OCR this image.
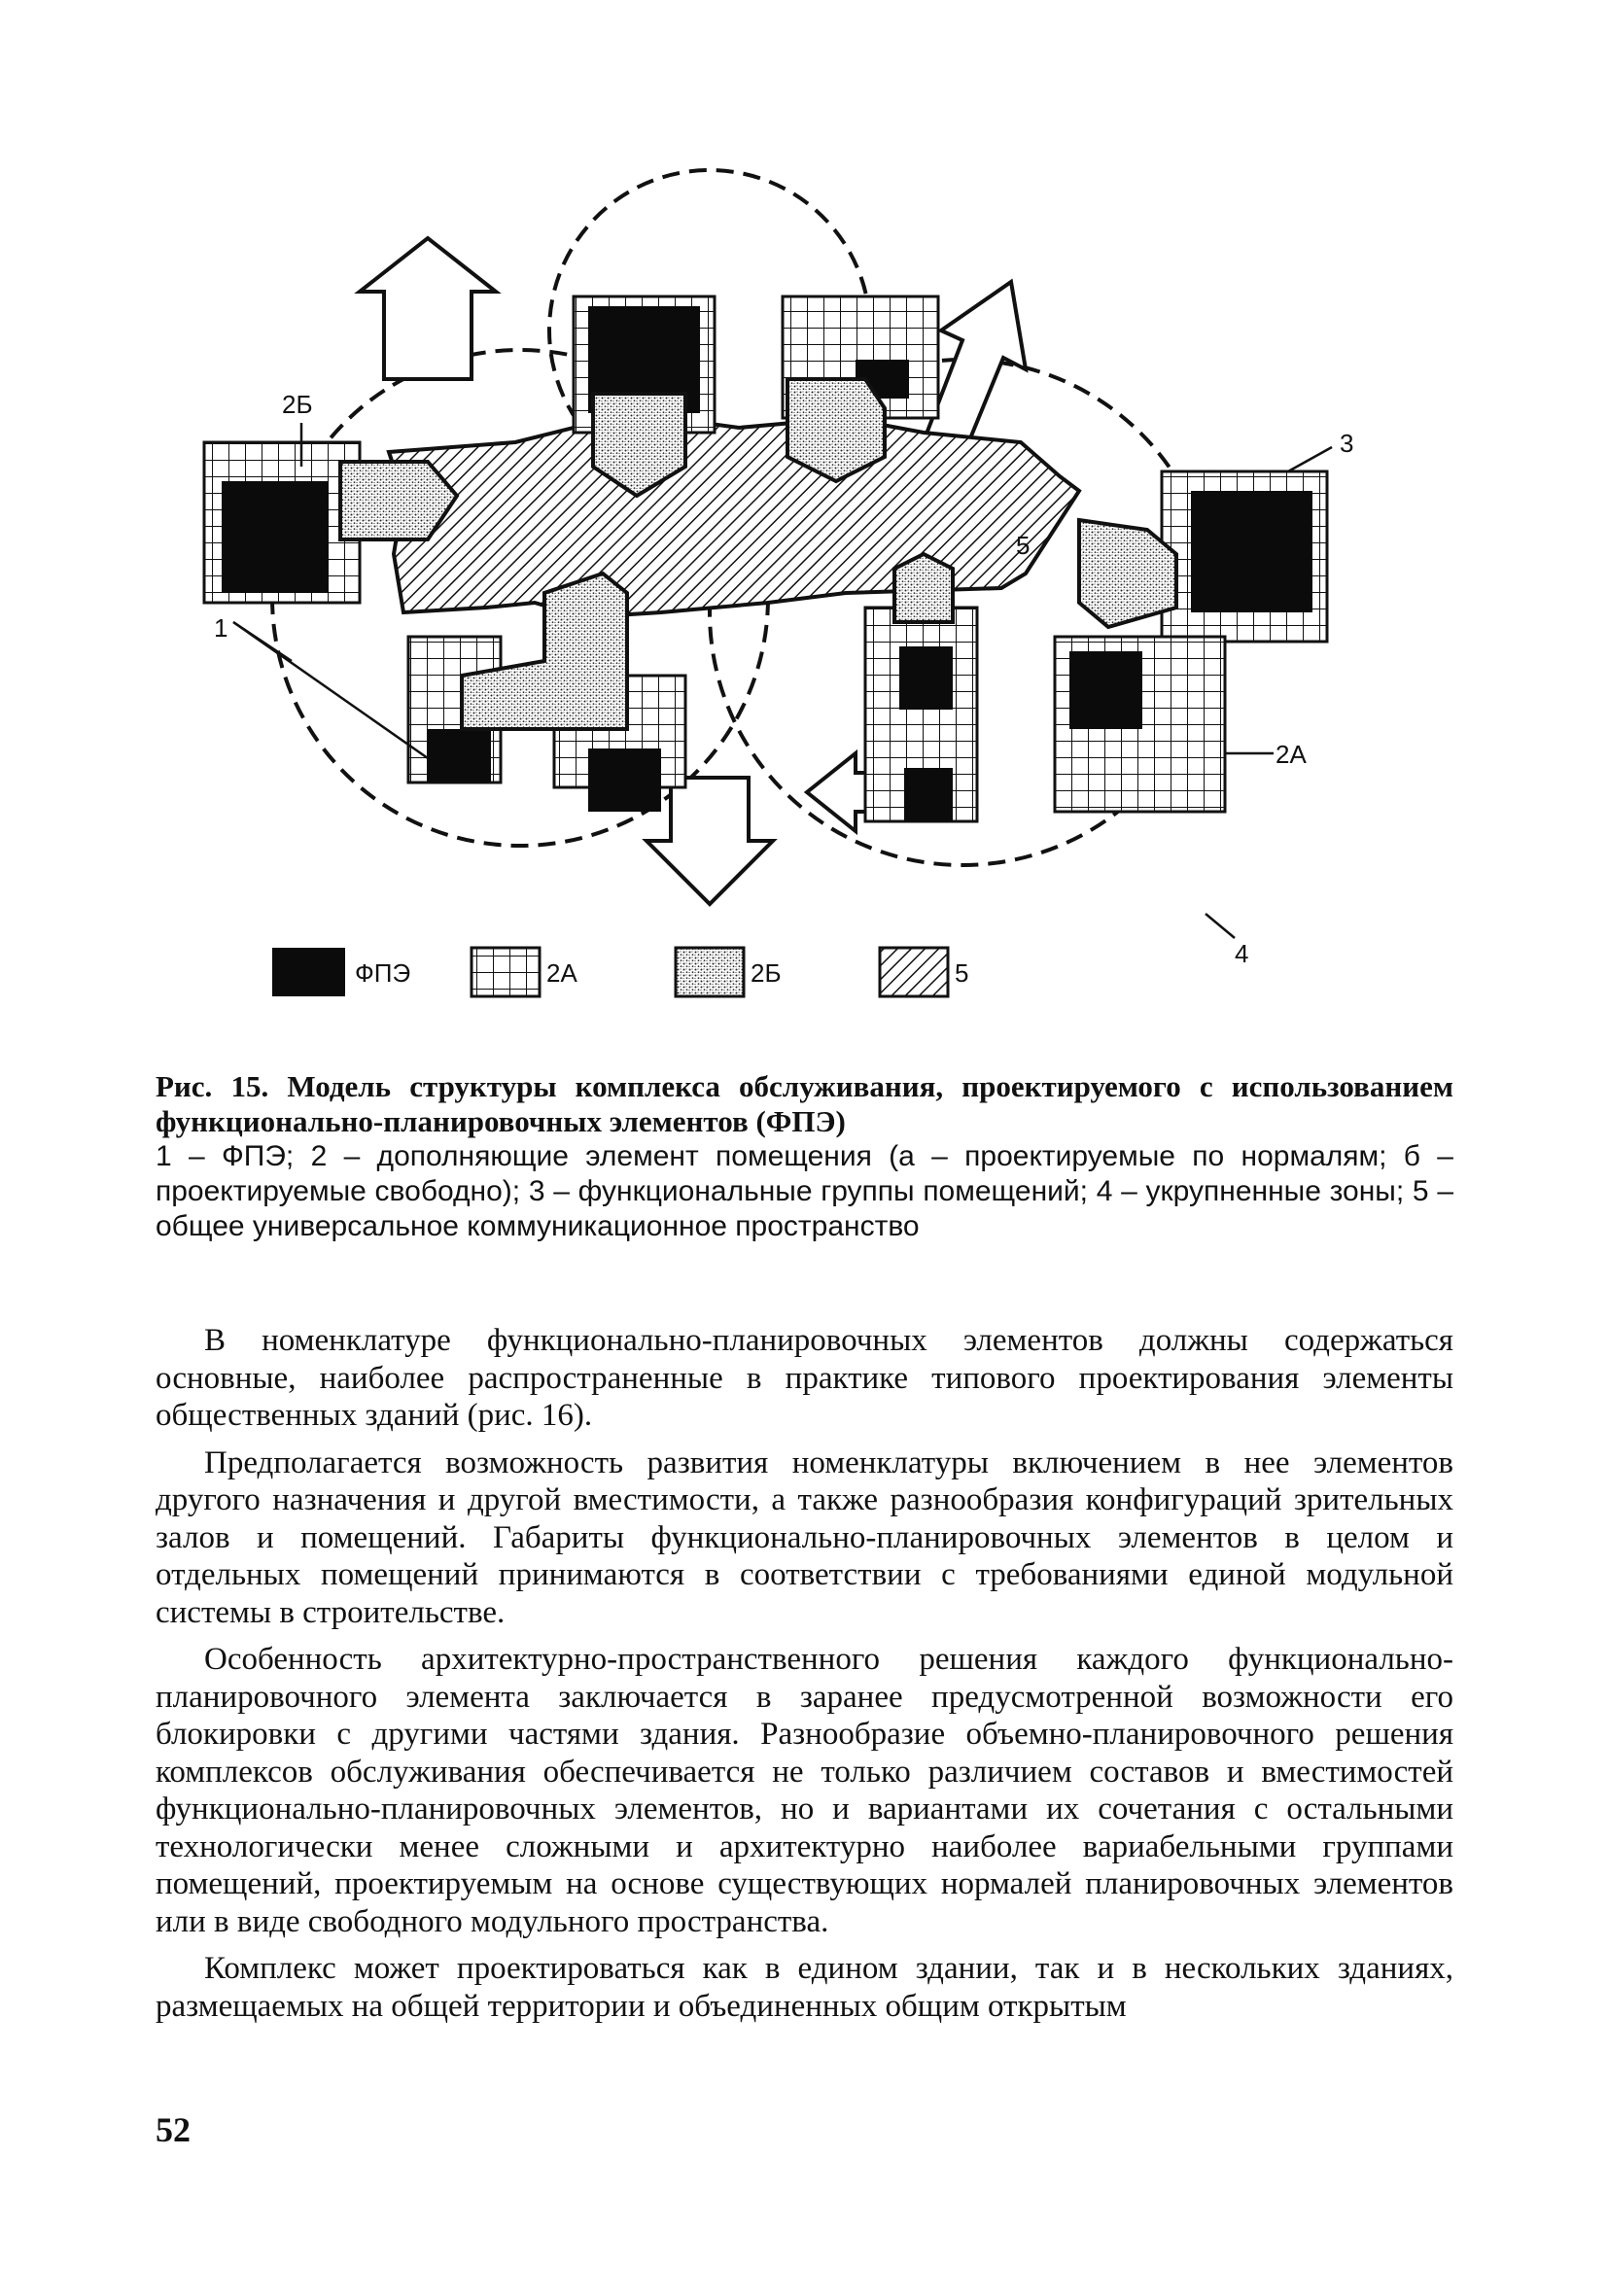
2Б
3
5
1
2А
4
ФПЭ	2А	2Б	5
Рис. 15. Модель структуры комплекса обслуживания, проектируемого с использованием функционально-планировочных элементов (ФПЭ)
1 – ФПЭ; 2 – дополняющие элемент помещения (а – проектируемые по нормалям; б – проектируемые свободно); 3 – функциональные группы помещений; 4 – укрупненные зоны; 5 – общее универсальное коммуникационное пространство

В номенклатуре функционально-планировочных элементов должны содержаться основные, наиболее распространенные в практике типового проектирования элементы общественных зданий (рис. 16).

Предполагается возможность развития номенклатуры включением в нее элементов другого назначения и другой вместимости, а также разнообразия конфигураций зрительных залов и помещений. Габариты функционально-планировочных элементов в целом и отдельных помещений принимаются в соответствии с требованиями единой модульной системы в строительстве.

Особенность архитектурно-пространственного решения каждого функционально-планировочного элемента заключается в заранее предусмотренной возможности его блокировки с другими частями здания. Разнообразие объемно-планировочного решения комплексов обслуживания обеспечивается не только различием составов и вместимостей функционально-планировочных элементов, но и вариантами их сочетания с остальными технологически менее сложными и архитектурно наиболее вариабельными группами помещений, проектируемым на основе существующих нормалей планировочных элементов или в виде свободного модульного пространства.

Комплекс может проектироваться как в едином здании, так и в нескольких зданиях, размещаемых на общей территории и объединенных общим открытым

52
